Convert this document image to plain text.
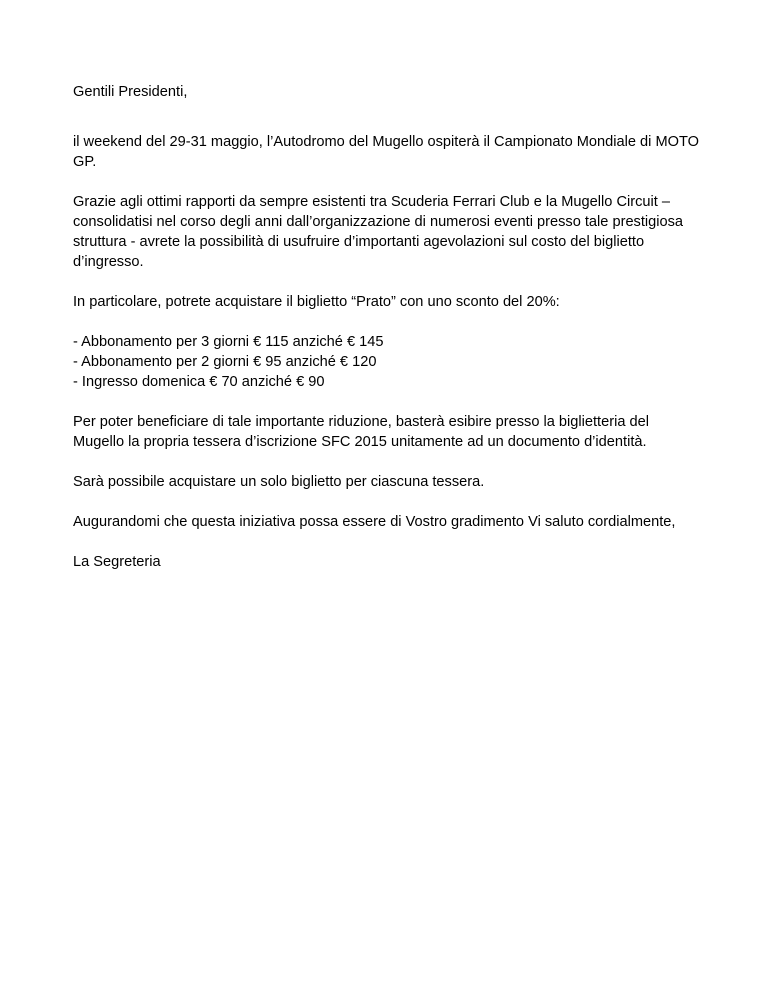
Gentili Presidenti,

il weekend del 29-31 maggio, l’Autodromo del Mugello ospiterà il Campionato Mondiale di MOTO GP.

Grazie agli ottimi rapporti da sempre esistenti tra Scuderia Ferrari Club e la Mugello Circuit – consolidatisi nel corso degli anni dall’organizzazione di numerosi eventi presso tale prestigiosa struttura - avrete la possibilità di usufruire d’importanti agevolazioni sul costo del biglietto d’ingresso.

In particolare, potrete acquistare il biglietto “Prato” con uno sconto del 20%:

- Abbonamento per 3 giorni € 115 anziché € 145
- Abbonamento per 2 giorni € 95 anziché € 120
- Ingresso domenica € 70 anziché € 90

Per poter beneficiare di tale importante riduzione, basterà esibire presso la biglietteria del Mugello la propria tessera d’iscrizione SFC 2015 unitamente ad un documento d’identità.

Sarà possibile acquistare un solo biglietto per ciascuna tessera.

Augurandomi che questa iniziativa possa essere di Vostro gradimento Vi saluto cordialmente,

La Segreteria
